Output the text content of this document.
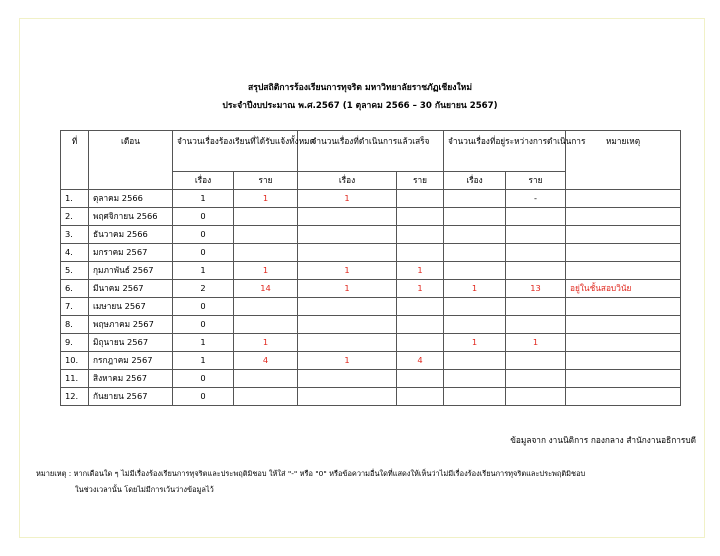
สรุปสถิติการร้องเรียนการทุจริต มหาวิทยาลัยราชภัฏเชียงใหม่
ประจำปีงบประมาณ พ.ศ.2567 (1 ตุลาคม 2566 – 30 กันยายน 2567)
ที่	เดือน	จำนวนเรื่องร้องเรียนที่ได้รับแจ้งทั้งหมด		จำนวนเรื่องที่ดำเนินการแล้วเสร็จ		จำนวนเรื่องที่อยู่ระหว่างการดำเนินการ		หมายเหตุ
		เรื่อง	ราย	เรื่อง	ราย	เรื่อง	ราย	
1.	ตุลาคม 2566	1	1	1			-	
2.	พฤศจิกายน 2566	0						
3.	ธันวาคม 2566	0						
4.	มกราคม 2567	0						
5.	กุมภาพันธ์ 2567	1	1	1	1			
6.	มีนาคม 2567	2	14	1	1	1	13	อยู่ในชั้นสอบวินัย
7.	เมษายน 2567	0						
8.	พฤษภาคม 2567	0						
9.	มิถุนายน 2567	1	1			1	1	
10.	กรกฎาคม 2567	1	4	1	4			
11.	สิงหาคม 2567	0						
12.	กันยายน 2567	0						
ข้อมูลจาก งานนิติการ กองกลาง สำนักงานอธิการบดี
หมายเหตุ : หากเดือนใด ๆ ไม่มีเรื่องร้องเรียนการทุจริตและประพฤติมิชอบ ให้ใส่ "-" หรือ "0" หรือข้อความอื่นใดที่แสดงให้เห็นว่าไม่มีเรื่องร้องเรียนการทุจริตและประพฤติมิชอบ
ในช่วงเวลานั้น โดยไม่มีการเว้นว่างข้อมูลไว้
